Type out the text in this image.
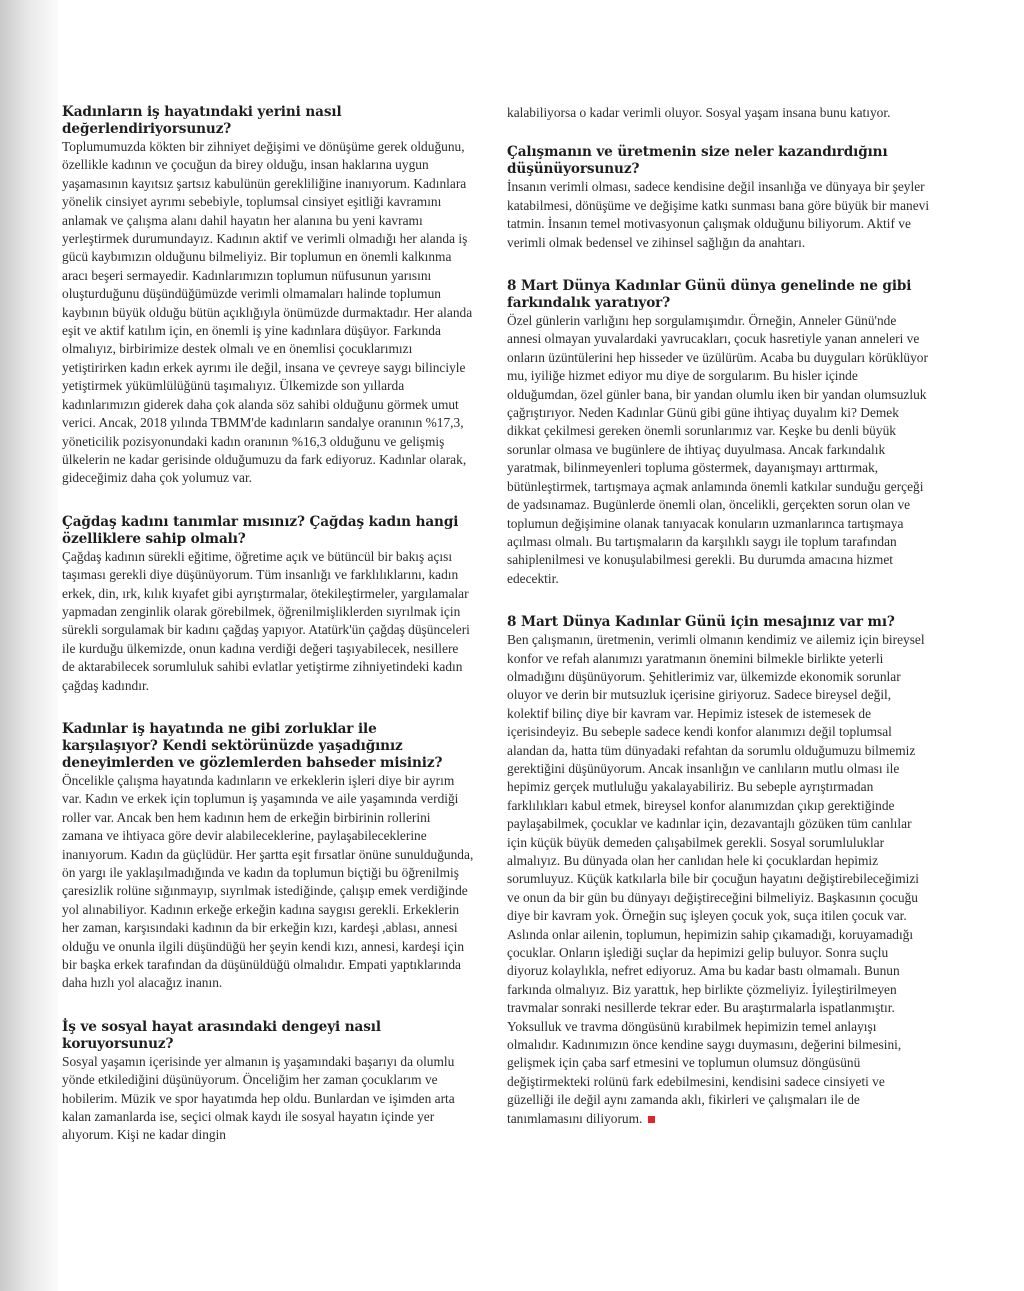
Kadınların iş hayatındaki yerini nasıl değerlendiriyorsunuz?

Toplumumuzda kökten bir zihniyet değişimi ve dönüşüme gerek olduğunu, özellikle kadının ve çocuğun da birey olduğu, insan haklarına uygun yaşamasının kayıtsız şartsız kabulünün gerekliliğine inanıyorum. Kadınlara yönelik cinsiyet ayrımı sebebiyle, toplumsal cinsiyet eşitliği kavramını anlamak ve çalışma alanı dahil hayatın her alanına bu yeni kavramı yerleştirmek durumundayız. Kadının aktif ve verimli olmadığı her alanda iş gücü kaybımızın olduğunu bilmeliyiz. Bir toplumun en önemli kalkınma aracı beşeri sermayedir. Kadınlarımızın toplumun nüfusunun yarısını oluşturduğunu düşündüğümüzde verimli olmamaları halinde toplumun kaybının büyük olduğu bütün açıklığıyla önümüzde durmaktadır. Her alanda eşit ve aktif katılım için, en önemli iş yine kadınlara düşüyor. Farkında olmalıyız, birbirimize destek olmalı ve en önemlisi çocuklarımızı yetiştirirken kadın erkek ayrımı ile değil, insana ve çevreye saygı bilinciyle yetiştirmek yükümlülüğünü taşımalıyız. Ülkemizde son yıllarda kadınlarımızın giderek daha çok alanda söz sahibi olduğunu görmek umut verici. Ancak, 2018 yılında TBMM'de kadınların sandalye oranının %17,3, yöneticilik pozisyonundaki kadın oranının %16,3 olduğunu ve gelişmiş ülkelerin ne kadar gerisinde olduğumuzu da fark ediyoruz. Kadınlar olarak, gideceğimiz daha çok yolumuz var.

Çağdaş kadını tanımlar mısınız? Çağdaş kadın hangi özelliklere sahip olmalı?

Çağdaş kadının sürekli eğitime, öğretime açık ve bütüncül bir bakış açısı taşıması gerekli diye düşünüyorum. Tüm insanlığı ve farklılıklarını, kadın erkek, din, ırk, kılık kıyafet gibi ayrıştırmalar, ötekileştirmeler, yargılamalar yapmadan zenginlik olarak görebilmek, öğrenilmişliklerden sıyrılmak için sürekli sorgulamak bir kadını çağdaş yapıyor. Atatürk'ün çağdaş düşünceleri ile kurduğu ülkemizde, onun kadına verdiği değeri taşıyabilecek, nesillere de aktarabilecek sorumluluk sahibi evlatlar yetiştirme zihniyetindeki kadın çağdaş kadındır.

Kadınlar iş hayatında ne gibi zorluklar ile karşılaşıyor? Kendi sektörünüzde yaşadığınız deneyimlerden ve gözlemlerden bahseder misiniz?

Öncelikle çalışma hayatında kadınların ve erkeklerin işleri diye bir ayrım var. Kadın ve erkek için toplumun iş yaşamında ve aile yaşamında verdiği roller var. Ancak ben hem kadının hem de erkeğin birbirinin rollerini zamana ve ihtiyaca göre devir alabileceklerine, paylaşabileceklerine inanıyorum. Kadın da güçlüdür. Her şartta eşit fırsatlar önüne sunulduğunda, ön yargı ile yaklaşılmadığında ve kadın da toplumun biçtiği bu öğrenilmiş çaresizlik rolüne sığınmayıp, sıyrılmak istediğinde, çalışıp emek verdiğinde yol alınabiliyor. Kadının erkeğe erkeğin kadına saygısı gerekli. Erkeklerin her zaman, karşısındaki kadının da bir erkeğin kızı, kardeşi ,ablası, annesi olduğu ve onunla ilgili düşündüğü her şeyin kendi kızı, annesi, kardeşi için bir başka erkek tarafından da düşünüldüğü olmalıdır. Empati yaptıklarında daha hızlı yol alacağız inanın.

İş ve sosyal hayat arasındaki dengeyi nasıl koruyorsunuz?

Sosyal yaşamın içerisinde yer almanın iş yaşamındaki başarıyı da olumlu yönde etkilediğini düşünüyorum. Önceliğim her zaman çocuklarım ve hobilerim. Müzik ve spor hayatımda hep oldu. Bunlardan ve işimden arta kalan zamanlarda ise, seçici olmak kaydı ile sosyal hayatın içinde yer alıyorum. Kişi ne kadar dingin

kalabiliyorsa o kadar verimli oluyor. Sosyal yaşam insana bunu katıyor.

Çalışmanın ve üretmenin size neler kazandırdığını düşünüyorsunuz?

İnsanın verimli olması, sadece kendisine değil insanlığa ve dünyaya bir şeyler katabilmesi, dönüşüme ve değişime katkı sunması bana göre büyük bir manevi tatmin. İnsanın temel motivasyonun çalışmak olduğunu biliyorum. Aktif ve verimli olmak bedensel ve zihinsel sağlığın da anahtarı.

8 Mart Dünya Kadınlar Günü dünya genelinde ne gibi farkındalık yaratıyor?

Özel günlerin varlığını hep sorgulamışımdır. Örneğin, Anneler Günü'nde annesi olmayan yuvalardaki yavrucakları, çocuk hasretiyle yanan anneleri ve onların üzüntülerini hep hisseder ve üzülürüm. Acaba bu duyguları körüklüyor mu, iyiliğe hizmet ediyor mu diye de sorgularım. Bu hisler içinde olduğumdan, özel günler bana, bir yandan olumlu iken bir yandan olumsuzluk çağrıştırıyor. Neden Kadınlar Günü gibi güne ihtiyaç duyalım ki? Demek dikkat çekilmesi gereken önemli sorunlarımız var. Keşke bu denli büyük sorunlar olmasa ve bugünlere de ihtiyaç duyulmasa. Ancak farkındalık yaratmak, bilinmeyenleri topluma göstermek, dayanışmayı arttırmak, bütünleştirmek, tartışmaya açmak anlamında önemli katkılar sunduğu gerçeği de yadsınamaz. Bugünlerde önemli olan, öncelikli, gerçekten sorun olan ve toplumun değişimine olanak tanıyacak konuların uzmanlarınca tartışmaya açılması olmalı. Bu tartışmaların da karşılıklı saygı ile toplum tarafından sahiplenilmesi ve konuşulabilmesi gerekli. Bu durumda amacına hizmet edecektir.

8 Mart Dünya Kadınlar Günü için mesajınız var mı?

Ben çalışmanın, üretmenin, verimli olmanın kendimiz ve ailemiz için bireysel konfor ve refah alanımızı yaratmanın önemini bilmekle birlikte yeterli olmadığını düşünüyorum. Şehitlerimiz var, ülkemizde ekonomik sorunlar oluyor ve derin bir mutsuzluk içerisine giriyoruz. Sadece bireysel değil, kolektif bilinç diye bir kavram var. Hepimiz istesek de istemesek de içerisindeyiz. Bu sebeple sadece kendi konfor alanımızı değil toplumsal alandan da, hatta tüm dünyadaki refahtan da sorumlu olduğumuzu bilmemiz gerektiğini düşünüyorum. Ancak insanlığın ve canlıların mutlu olması ile hepimiz gerçek mutluluğu yakalayabiliriz. Bu sebeple ayrıştırmadan farklılıkları kabul etmek, bireysel konfor alanımızdan çıkıp gerektiğinde paylaşabilmek, çocuklar ve kadınlar için, dezavantajlı gözüken tüm canlılar için küçük büyük demeden çalışabilmek gerekli. Sosyal sorumluluklar almalıyız. Bu dünyada olan her canlıdan hele ki çocuklardan hepimiz sorumluyuz. Küçük katkılarla bile bir çocuğun hayatını değiştirebileceğimizi ve onun da bir gün bu dünyayı değiştireceğini bilmeliyiz. Başkasının çocuğu diye bir kavram yok. Örneğin suç işleyen çocuk yok, suça itilen çocuk var. Aslında onlar ailenin, toplumun, hepimizin sahip çıkamadığı, koruyamadığı çocuklar. Onların işlediği suçlar da hepimizi gelip buluyor. Sonra suçlu diyoruz kolaylıkla, nefret ediyoruz. Ama bu kadar bastı olmamalı. Bunun farkında olmalıyız. Biz yarattık, hep birlikte çözmeliyiz. İyileştirilmeyen travmalar sonraki nesillerde tekrar eder. Bu araştırmalarla ispatlanmıştır. Yoksulluk ve travma döngüsünü kırabilmek hepimizin temel anlayışı olmalıdır. Kadınımızın önce kendine saygı duymasını, değerini bilmesini, gelişmek için çaba sarf etmesini ve toplumun olumsuz döngüsünü değiştirmekteki rolünü fark edebilmesini, kendisini sadece cinsiyeti ve güzelliği ile değil aynı zamanda aklı, fikirleri ve çalışmaları ile de tanımlamasını diliyorum.
